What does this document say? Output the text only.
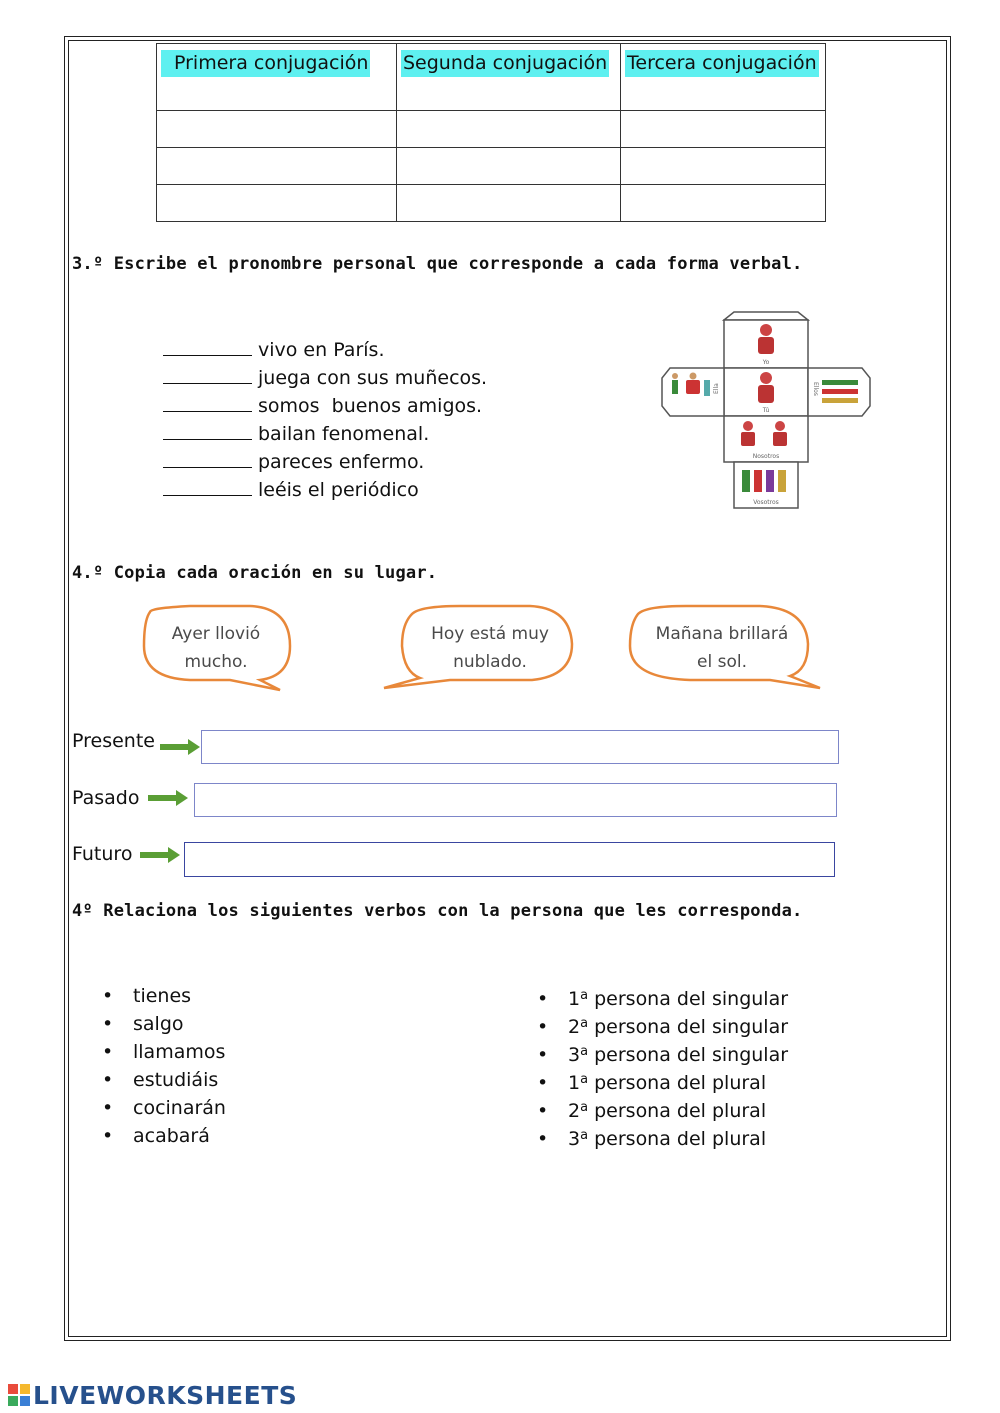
Primera conjugación	Segunda conjugación	Tercera conjugación

3.º Escribe el pronombre personal que corresponde a cada forma verbal.
vivo en París.
juega con sus muñecos.
somos  buenos amigos.
bailan fenomenal.
pareces enfermo.
leéis el periódico
Yo
Tú
Ella	Ellos
Nosotros
Vosotros
Él
4.º Copia cada oración en su lugar.
Ayer llovió
mucho.
Hoy está muy
nublado.
Mañana brillará
el sol.
Presente
Pasado
Futuro
4º Relaciona los siguientes verbos con la persona que les corresponda.
• tienes
• salgo
• llamamos
• estudiáis
• cocinarán
• acabará
• 1$^a$ persona del singular
• 2$^a$ persona del singular
• 3$^a$ persona del singular
• 1$^a$ persona del plural
• 2$^a$ persona del plural
• 3$^a$ persona del plural
LW LIVEWORKSHEETS
